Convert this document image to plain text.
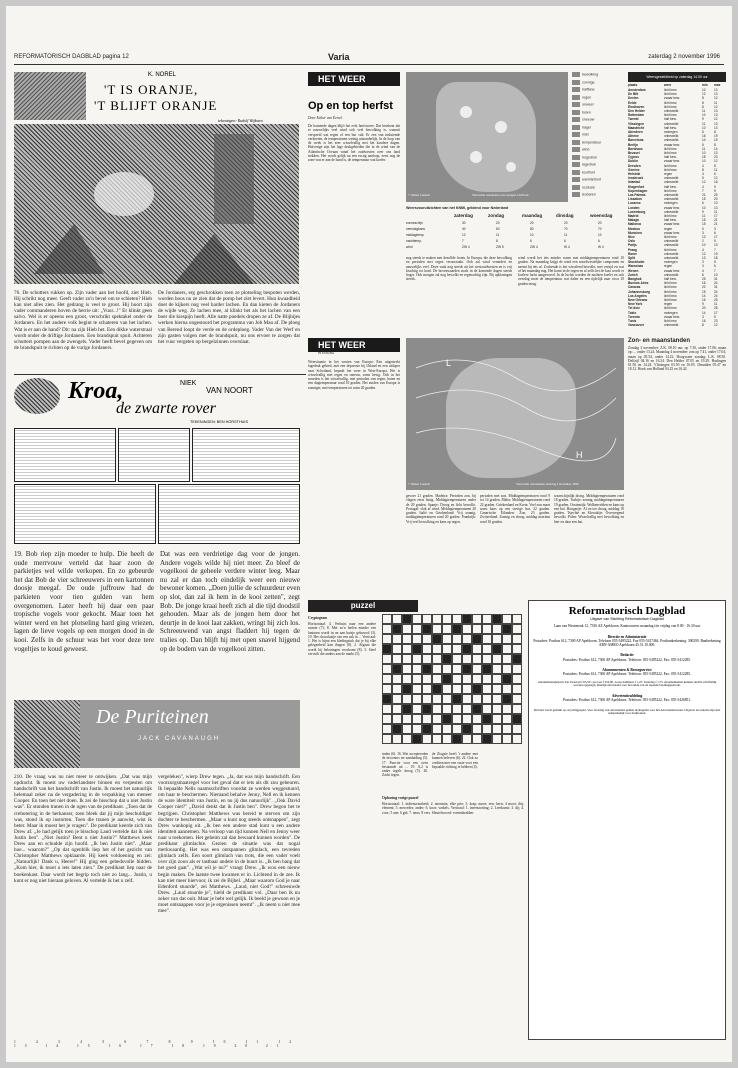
REFORMATORISCH DAGBLAD pagina 12	Varia	zaterdag 2 november 1996
K. NOREL
'T IS ORANJE,
'T BLIJFT ORANJE
tekeningen: Rudolf Wijkstra
76. De schutters rukken op. Zijn vader aan het hoofd, ziet Hieb. Hij schrikt nog meer. Geeft vader zo'n bevel om te schieten? Hieb kan niet alles zien. Het gedrang is veel te groot. Hij hoort zijn vader commanderen boven de herrie uit: „Vuur...!" Er klinkt geen salvo. Wel is er opeens een groot, verschrikt spektakel onder de Jordaners. En het andere volk begint te schateren van het lachen. Wat is er aan de hand? Dit: na zijn Hieb het. Een dikke waterstraal wordt onder de driftige Jordaners. Een brandspuit spuit. Achteren schutters pompen aan de zwengels. Vader heeft bevel gegeven om de brandspuit te richten op de vurige Jordaners.
De Jordaners, erg geschrokken toen ze plotseling bespoten werden, worden boos nu ze zien dat de pomp het ziet levert. Hun kwaadheid doet de kijkers nog veel harder lachen. En dan kieten de Jordaners de wijde weg. Ze lachen mee, al klinkt het als het lachen van een boer die kiespijn heeft. Alle natte poedels dropen ze af. De Blijbijes werken hierna ongestoord het programma van Job Mau af. De ploeg van Berend loopt de verde en de ordeploeg. Vader Van der Werf en zijn gasten volgen met de brandspuit, nu ons ervoer te zorgen dat het vuur vergeten op bergelzinnen overslaat.
Kroa,	NIEK
VAN NOORT
de zwarte rover
TEKENINGEN: BEN HORSTHUIS
19. Bob riep zijn moeder te hulp. Die heeft de oude merrvouw verteld dat haar zoon de parkietjes wel wilde verkopen. En zo gebeurde het dat Bob de vier schreeuwers in een kartonnen doosje meegaf. De oude juffrouw had de parkieten voor tien gulden van hem overgenomen. Later heeft hij daar een paar tropische vogels voor gekocht. Maar toen het winter werd en het plotseling hard ging vriezen, lagen de lieve vogels op een morgen dood in de kooi. Zelfs in de schuur was het voor deze tere vogeltjes te koud geweest.
Dat was een verdrietige dag voor de jongen. Andere vogels wilde hij niet meer. Zo bleef de vogelkooi de geheele verdere winter leeg. Maar nu zal er dan toch eindelijk weer een nieuwe bewoner komen. „Doen jullie de schuurdeur even op slot, dan zal ik hem in de kooi zetten", zegt Bob. De jonge kraai heeft zich al die tijd doodstil gehouden. Maar als de jongen hem door het deurtje in de kooi laat zakken, wringt hij zich los. Schreeuwend van angst fladdert hij tegen de tralies op. Dan blijft hij met open snavel hijgend op de bodem van de vogelkooi zitten.
De Puriteinen
JACK CAVANAUGH
210. De vraag was nu niet meer te ontwijken. „Dat was mijn opdracht. Ik moest uw vaderlandster binnen en verpesten om handschrift van het handschrift van Justin. Ik moest het natuurlijk helemaal zeker na de vergadering in de verpakking van meneer Cooper. En toen het niet doen. Ik zei de bisschop dat u niet Justin was". Er stonden tranen in de ogen van de predikant. „Toen dat de crebotering in de herkanser, toen bleek dat jij mijn beschuldiger was, stond ik op instorten. Toen die tranen je aanwist, wist ik beter. Maar ik moest het je vragen". De predikant keerde zich van Drew af. „Je had gelijk toen je bisschop Laud vertelde dat ik niet Justin ben". „Niet Justin? Bent u niet Justin?" Matthews keek Drew aan en schudde zijn hoofd. „Ik ben Justin niet". „Maar hoe... waarom?" „Op dat ogenblik liep het of het gezicht van Christopher Matthews opklaarde. Hij keek voldoening en zei: „Natuurlijk! Dank u, Heere!" Hij ging een gebedsvolle bidden. „Kom hier, ik moet u iets laten zien." De predikant liep naar de boekenkast. Daar wordt het begrip toch niet zo lang... Justin, u kunt er nog niet hieraan geloven. Al vertelde ik het u zelf.
vergeleken", wierp Drew tegen. „Ja, dat was mijn handschrift. Een voorzorgsmaatregel voor het geval dat er iets als dit zou gebeuren. Ik bepaalde Nells naamsschriften voordat ze werden weggestuurd, om haar te beschermen. Niemand behalve Jenny, Nell en ik kennen de ware identiteit van Justin, en nu jij dus natuurlijk". „Ook David Cooper niet?" „David denkt dat ik Justin ben". Drew begon het te begrijpen. Christopher Matthews was bereid te sterven om zijn dochter te beschermen. „Maar u kunt nog steeds ontsnappen", zegt Drew wanhopig uit. „Ik ben een andere stad kunt u een andere identiteit aannemen. Na verloop van tijd kunnen Nell en Jenny weer naar u toekomen. Het geheim zal dan bewaard kunnen worden". De predikant glimlachte. Gezien de situatie was dat nogal merkwaardig. Het was een ontspannen glimlach, een tevreden glimlach zelfs. Een soort glimlach van trots, die een vader voelt over zijn zoon als er tastbaar andere in de buurt is. „Ik ben bang dat het goed gaat". „Wat wil je nu?" vraagt Drew. „Ik wou een nieuw begin maken. De laatste twee kwamen er in. Lichtend in de zee. Ik kan niet meer hiervoor, ik zei de Bijbel. „Maar waarom God je naar Edenford stuurde", zei Matthews. „Laud, niet God!" schreeuwde Drew. „Laud stuurde je", hield de predikant vol. „Daar ben ik nu zeker van dat ooit. Maar je hebt wel gelijk. Ik beeld je gewoon en je moet ontsnappen voor je je ergenissen neemt". „Ik neem u niet mee mee".
1 2 3 4 5 6 7 8 9 10 11 12 13 14 15 16 17 18 19 20 21
HET WEER
Op en top herfst
Door Esther van Eersel
De komende dagen blijft het echt herfstweer. Dat betekent dat er nauwelijks veel wind ook veel bewolking is, waaruit verspreid wat regen of een bui valt. Er een van inslutende verkoeten, de temperaturen weinig uitzonderlijk. In de loop van de week is het zeer wisselvallig met het koudere dagen. Huiverige zijn het lage drukgebieden die in de wind van de Atlantische Oceaan vanaf het zuidwesten over ons land trekken. Het wordt gelijk na een rustig aanloop, eerst nog de zone wat er aan de hand is, de temperatuur wat koeler.
© Meteo Consult	Verwachte weerkaarte voor morgen 12.00 uur
bewolking
zonnige
halfbew.
regen
onweer
buien
sneeuw
hagel
mist
temperatuur
wind
hogedruk
lagedruk
koufront
warmtefront
occlusie
isobaren
Weersvooruitzichten van het KNMI, geldend voor Nederland
zaterdag	zondag	maandag	dinsdag	woensdag
zonneschijn	30	20	20	20	20
neerslagkans	40	60	80	70	70
middagtemp.	12	11	10	11	10
nachttemp.	7	8	6	6	6
wind	ZW 4	ZW 5	ZW 4	W 4	W 4
nog steeds te maken met dezelfde fronts. In Europa, die deze bewolking en perioden met regen veroorzaakt. Ook zal wind verandert en nauwelijks veel. Deze vaak nog steeds uit het westzuidwesten en is vrij krachtig tot hard. De bovenwaarden zoals in de komende dagen steeds hoger. Ook morgen zal nog bewolkt en regenachtig zijn. Bij opklaringen steeds.
wind wordt het iets minder warm met middagtemperaturen rond 10 graden. Na maandag krijgt de wind een noordwestelijke component en neemt hij iets af. Zodoende is het wisselend bewolkt, met vertijd en wat af het maandag nog. Het komt in de regen en af zelfs het de kust wordt er koelere lucht aangevoerd. In de luchts worden de nachten koeler en ook overdag moet de temperatuur wat dalen en een tijdelijk naar circa 10 graden terug.
HET WEER
IN EUROPA
Weersituatie in het westen van Europa: Een uitgestrekt lagedruk gebied, met een depressie bij IJsland en een uitloper naar Schotland, bepaalt het weer in West-Europa. Het is wisselvallig met regen en sneeuw, soms hevig. Ook in het noorden is het wisselvallig, met perioden van regen, buien en een dagtemperatuur rond 10 graden. Het zuiden van Europa is zonniger, met temperaturen tot ruim 20 graden.
L
H
© Meteo Consult	Verwachte weersituatie zaterdag 2 november 1996
gevoer 21 graden. Madeira: Perioden zon, bij vlagen eerst buiig. Middagtemperaturen onder de 20 graden. Spanje: Droog en licht bewolkt. Portugal: vlak af wind. Middagtemperaturen 20 graden. Italië en Griekenland: Vrij zonnig, middagtemperaturen rond 20 graden. Frankrijk: Vrij veel bewolking en kans op regen.
perioden met zon. Middagtemperaturen rond 9 tot 14 graden. Malta: Middagtemperaturen rond 22 graden. Griekenland en Kreta: Veel zon maar soms kans op een stevige bui, 22 graden. Canarische Eilanden: Zon, 23 graden. Zwitserland: Zonnig en droog, middag maxima rond 10 graden.
waarschijnlijk droog. Middagtemperaturen rond 18 graden. Turkije: zonnig, middagtemperaturen 19 graden. Oostenrijk: Wolkenvelden en kans op een bui. Hongarije: Af en toe droog, middag 10 graden. Tsjechië en Slowakije: Overwegend bewolkt. Polen: Wisselvallig met bewolking en hier en daar een bui.
Weersgesteldheid op zaterdag 14.00 uur
plaats	weer	min max
Amsterdam	licht bew.	10	13
De Bilt	licht bew.	12	13
Deelen	zwaar bew.	8	12
Eelde	licht bew.	8	11
Eindhoven	licht bew.	8	12
Den Helder	onbewolkt	11	13
Rotterdam	licht bew.	10	13
Twente	half bew.	9	12
Vlissingen	onbewolkt	11	13
Maastricht	half bew.	10	13
Aberdeen	motregen	6	8
Athene	onbewolkt	16	19
Barcelona	onbewolkt	14	19
Berlijn	zwaar bew.	5	8
Bordeaux	licht bew.	11	14
Brussel	licht bew.	10	13
Cyprus	half bew.	18	23
Dublin	zwaar bew.	10	12
Dresden	licht bew.	4	8
Genève	licht bew.	8	11
Helsinki	regen	4	6
Innsbruck	onbewolkt	5	12
Istanbul	onbewolkt	12	16
Klagenfurt	half bew.	4	9
Kopenhagen	licht bew.	7	9
Las Palmas	onbewolkt	21	25
Lissabon	onbewolkt	15	20
Locarno	motregen	6	10
Londen	zwaar bew.	10	13
Luxemburg	onbewolkt	9	11
Madrid	licht bew.	11	17
Malaga	half bew.	15	21
Mallorca	zwaar bew.	15	21
Moskou	regen	0	3
Munchen	zwaar bew.	3	6
Nice	licht bew.	13	17
Oslo	onbewolkt	2	5
Parijs	onbewolkt	10	13
Praag	licht bew.	4	7
Rome	onbewolkt	12	19
Split	onbewolkt	13	18
Stockholm	motregen	3	5
Warschau	regen	3	6
Wenen	zwaar bew.	4	7
Zurich	onbewolkt	6	10
Bangkok	half bew.	25	31
Buenos Aires	licht bew.	16	24
Caracas	licht bew.	22	31
Johannesburg	licht bew.	15	24
Los Angeles	licht bew.	14	24
New Orleans	licht bew.	16	25
New York	regen	9	11
Tel Aviv	licht bew.	20	28
Tokio	motregen	14	17
Toronto	zwaar bew.	3	5
Tunis	licht bew.	16	23
Vancouver	onbewolkt	8	12
Zon- en maanstanden
Zondag 3 november: Z.K. 08.10 uur, op 7.30, onder 17.06; maan op: ... onder 13.24. Maandag 4 november: zon op 7.41, onder 17.04, maan op 05.54, onder 14.22. Hoogwater zondag: L.K. 08.50. Delfzijl 04.16 en 16.34. Den Helder 07.05 en 19.29. Harlingen 01.50 en 14.24. Vlissingen 03.50 en 16.05. IJmuiden 05.47 en 18.12. Hoek van Holland 04.25 en 16.42.
puzzel
Cryptogram
Horizontaal: 4. Verhuist naar een andere ruimte (7); 8. Met zo'n hielen minder een lantaarn wordt in an aan kuisje gebouwd (3). 10. Het chocolaatje van een zak in ... Verticaal: 1. Het is bijna een kledingstuk dat je bij elke gelegenheid kan dragen (8). 2. Afgaan die wordt bij beloningen voorkomt (8). 3. Steel vervuilt die anders aan de markt (5).
inden (6). 16. Wat accepteerden de inwoners ter aanduiding (5). 17. Functie voor een oven bestaande uit ... 19. A,2 is onder tegels droog (5). 20. Zacht tegen.
de Ziogste heeft 't andere met kunnen beleven (6). 22. Ook zo crediten mer een vaste voor een bepaalde richting te hebben (4).
Oplossing vorige puzzel
Horizontaal: 1. indiensvaarheid; 2. neonmix; elke prio; 3. krap; nuwe; een; kern; 4 mooi; drij; element; 5. mercedes; ander; 6. koor; varkels. Verticaal: 1. ineenstorting; 2. Leerkunst; 3. dij; 4. voor; 5 ane; 6 gid; 7. neus; 8 vers. Sleutelwoord: voetenkrabber.
Reformatorisch Dagblad
Uitgave van Stichting Reformatorisch Dagblad
Laan van Westenenk 12, 7336 AZ Apeldoorn. Kantooruren: maandag t/m vrijdag van 8.00 - 16.30 uur
Directie en Administratie
Postadres: Postbus 612, 7300 AP Apeldoorn. Telefoon 055-5495222, Fax 055-5417464. Postbankrekening: 300290. Bankrekening ABN-AMRO Apeldoorn 45.51.10.000.
Redactie
Postadres: Postbus 612, 7300 AP Apeldoorn. Telefoon: 055-5495222, Fax: 055-5412285.
Abonnementen & Bezorgservice
Postadres: Postbus 612, 7300 AP Apeldoorn. Telefoon: 055-5495222, Fax: 055-5412285.
Abonnementsprijzen: Per kwartaal f 65,50 / per jaar f 252,00. Losse nummers f 1,25. Zaterdag f 1,75. Abonnementen kunnen slechts schriftelijk worden opgezegd, uiterlijk één maand voor het einde van de lopende betalingsperiode.
Advertentieafdeling
Postadres: Postbus 612, 7300 AP Apeldoorn. Telefoon: 055-5495222, Fax: 055-5426851.
Dit blad wordt gedrukt op recyclingpapier. Voor levering van advertenties gelden de Regelen voor het Advertentiewezen. Uitgever en redactie zijn niet aansprakelijk voor drukfouten.
